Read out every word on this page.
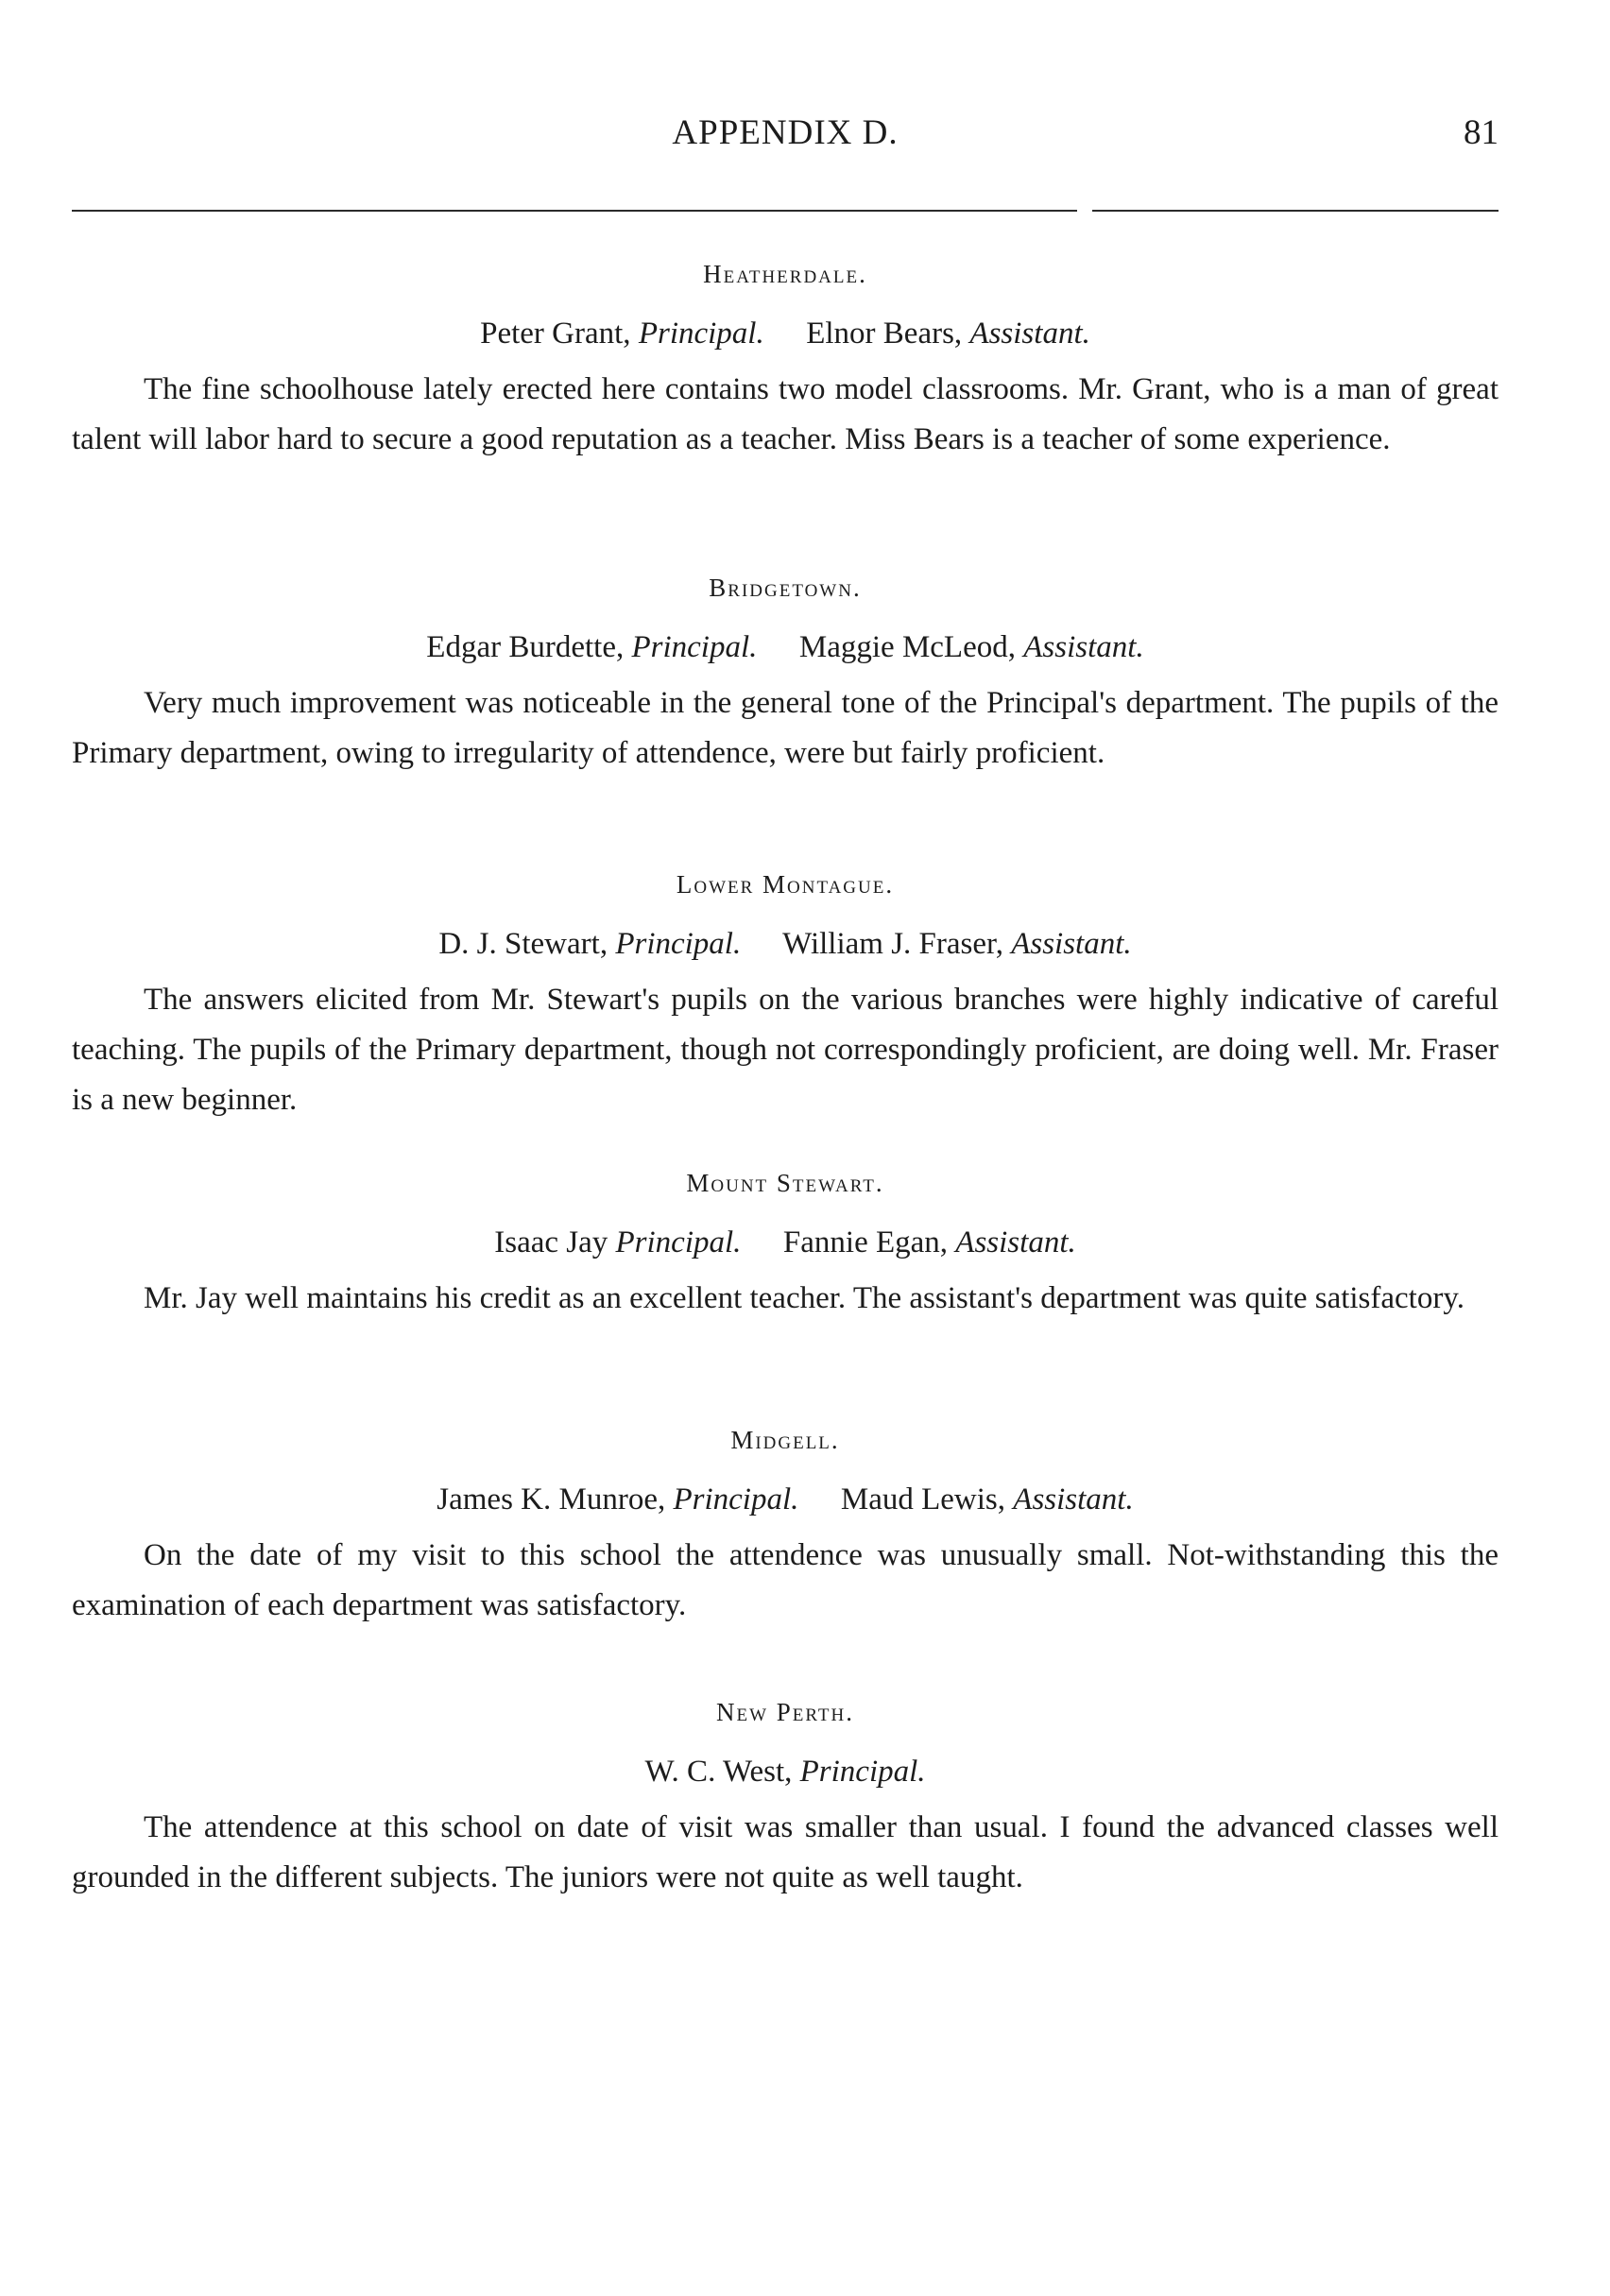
APPENDIX D.	81
Heatherdale.
Peter Grant, Principal. Elnor Bears, Assistant.
The fine schoolhouse lately erected here contains two model classrooms. Mr. Grant, who is a man of great talent will labor hard to secure a good reputation as a teacher. Miss Bears is a teacher of some experience.
Bridgetown.
Edgar Burdette, Principal. Maggie McLeod, Assistant.
Very much improvement was noticeable in the general tone of the Principal's department. The pupils of the Primary department, owing to irregularity of attendence, were but fairly proficient.
Lower Montague.
D. J. Stewart, Principal. William J. Fraser, Assistant.
The answers elicited from Mr. Stewart's pupils on the various branches were highly indicative of careful teaching. The pupils of the Primary department, though not correspondingly proficient, are doing well. Mr. Fraser is a new beginner.
Mount Stewart.
Isaac Jay Principal. Fannie Egan, Assistant.
Mr. Jay well maintains his credit as an excellent teacher. The assistant's department was quite satisfactory.
Midgell.
James K. Munroe, Principal. Maud Lewis, Assistant.
On the date of my visit to this school the attendence was unusually small. Not-withstanding this the examination of each department was satisfactory.
New Perth.
W. C. West, Principal.
The attendence at this school on date of visit was smaller than usual. I found the advanced classes well grounded in the different subjects. The juniors were not quite as well taught.
